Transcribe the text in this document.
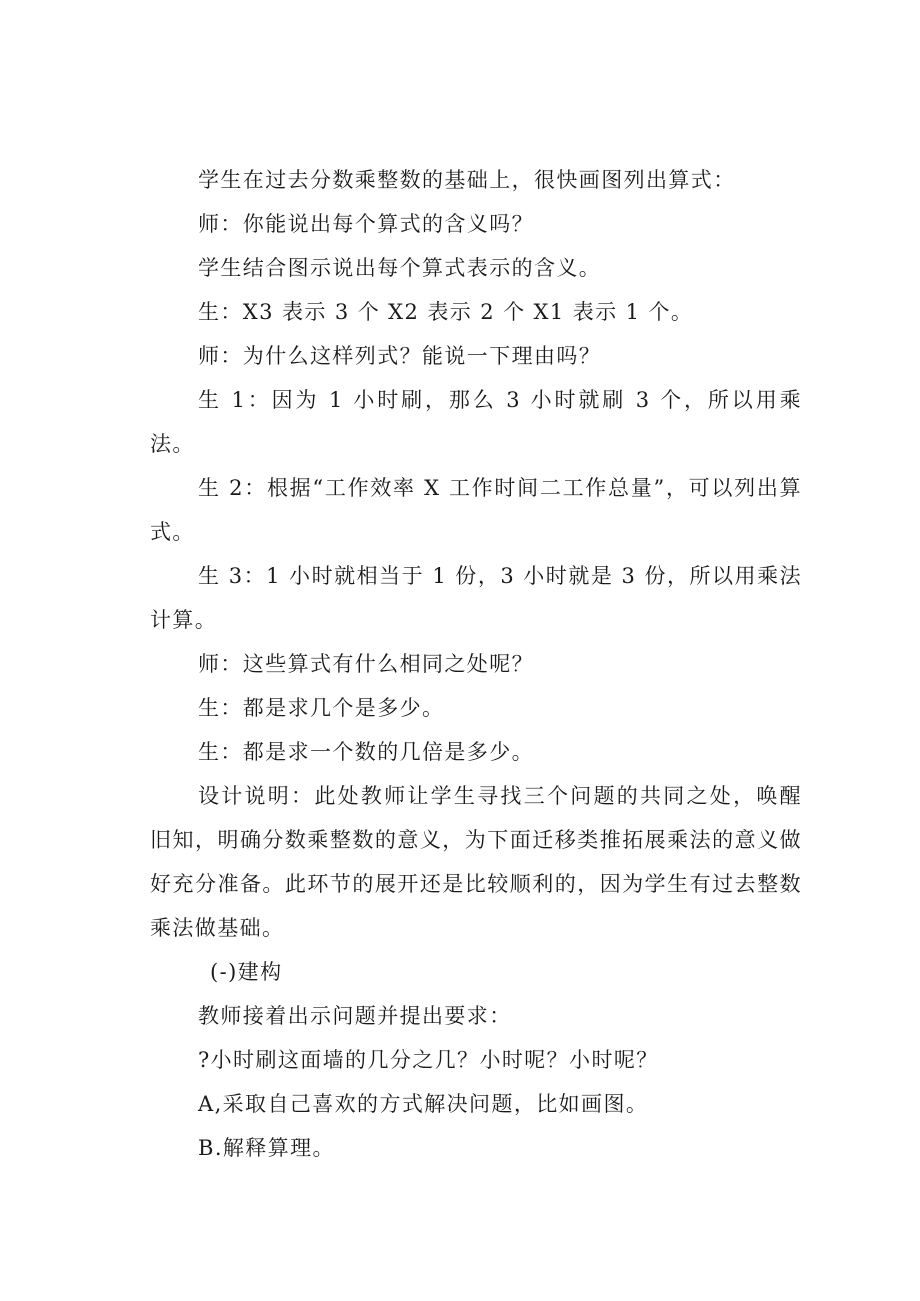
学生在过去分数乘整数的基础上，很快画图列出算式：

师：你能说出每个算式的含义吗？

学生结合图示说出每个算式表示的含义。

生：X3 表示 3 个 X2 表示 2 个 X1 表示 1 个。

师：为什么这样列式？能说一下理由吗？

生 1：因为 1 小时刷，那么 3 小时就刷 3 个，所以用乘法。

生 2：根据“工作效率 X 工作时间二工作总量”，可以列出算式。

生 3：1 小时就相当于 1 份，3 小时就是 3 份，所以用乘法计算。

师：这些算式有什么相同之处呢？

生：都是求几个是多少。

生：都是求一个数的几倍是多少。

设计说明：此处教师让学生寻找三个问题的共同之处，唤醒旧知，明确分数乘整数的意义，为下面迁移类推拓展乘法的意义做好充分准备。此环节的展开还是比较顺利的，因为学生有过去整数乘法做基础。

(-)建构

教师接着出示问题并提出要求：

?小时刷这面墙的几分之几？小时呢？小时呢？

A,采取自己喜欢的方式解决问题，比如画图。

B.解释算理。
